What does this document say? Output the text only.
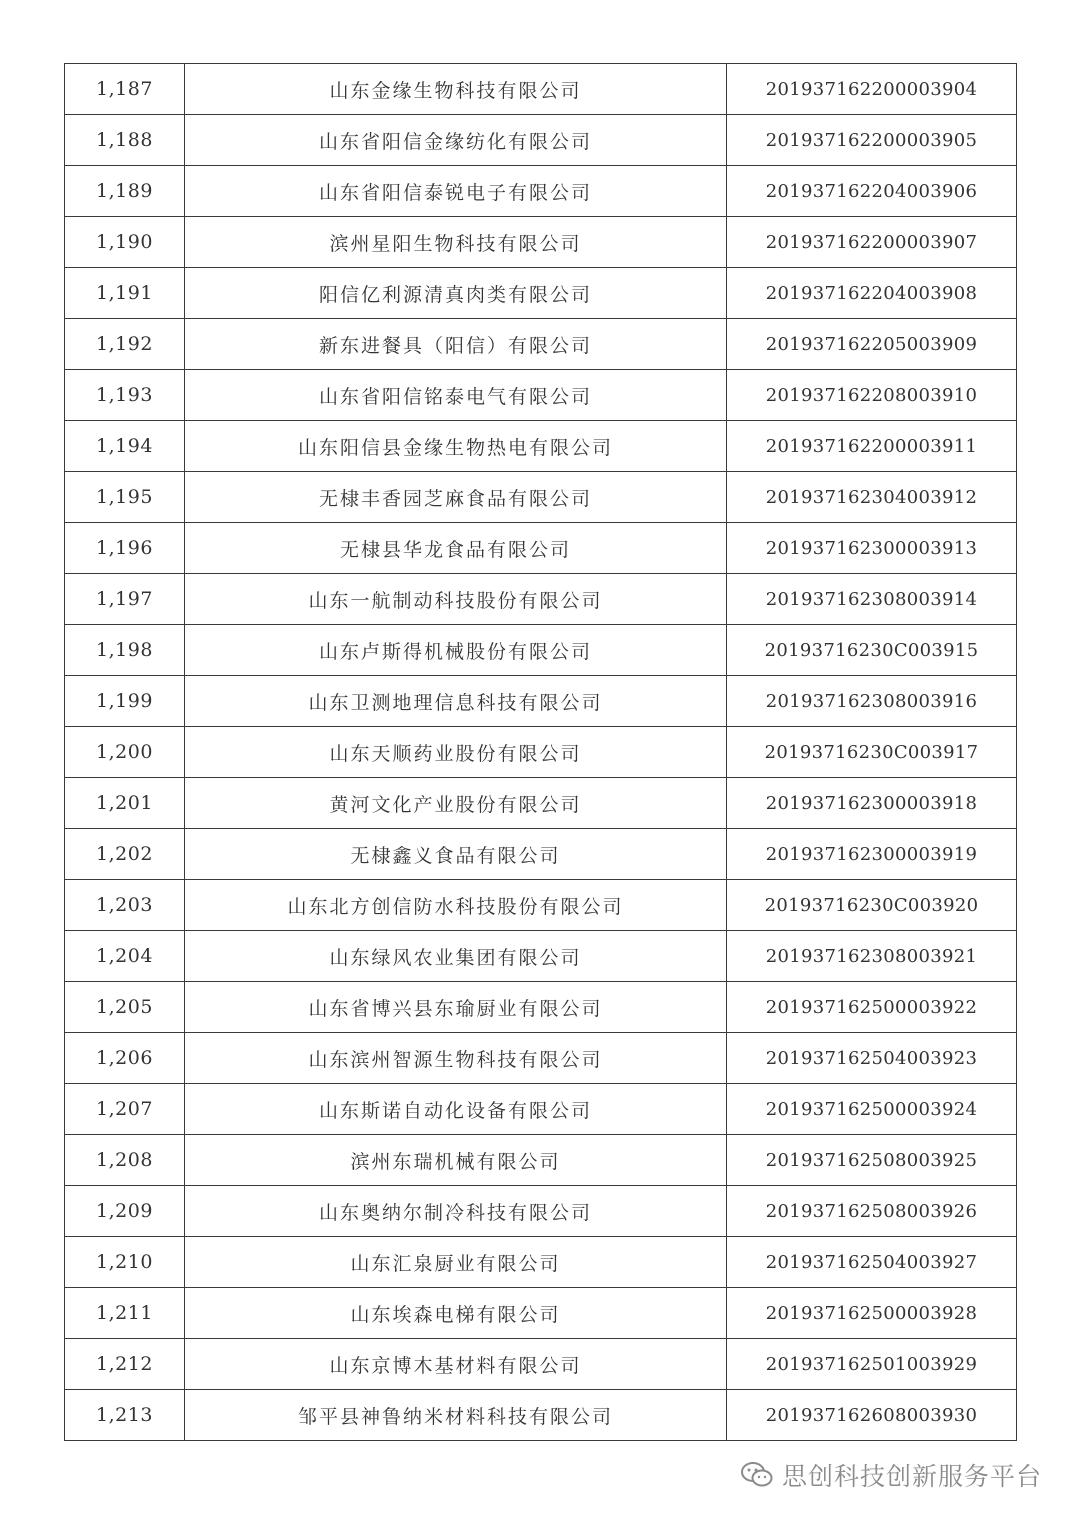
1,187	山东金缘生物科技有限公司	201937162200003904
1,188	山东省阳信金缘纺化有限公司	201937162200003905
1,189	山东省阳信泰锐电子有限公司	201937162204003906
1,190	滨州星阳生物科技有限公司	201937162200003907
1,191	阳信亿利源清真肉类有限公司	201937162204003908
1,192	新东进餐具（阳信）有限公司	201937162205003909
1,193	山东省阳信铭泰电气有限公司	201937162208003910
1,194	山东阳信县金缘生物热电有限公司	201937162200003911
1,195	无棣丰香园芝麻食品有限公司	201937162304003912
1,196	无棣县华龙食品有限公司	201937162300003913
1,197	山东一航制动科技股份有限公司	201937162308003914
1,198	山东卢斯得机械股份有限公司	20193716230C003915
1,199	山东卫测地理信息科技有限公司	201937162308003916
1,200	山东天顺药业股份有限公司	20193716230C003917
1,201	黄河文化产业股份有限公司	201937162300003918
1,202	无棣鑫义食品有限公司	201937162300003919
1,203	山东北方创信防水科技股份有限公司	20193716230C003920
1,204	山东绿风农业集团有限公司	201937162308003921
1,205	山东省博兴县东瑜厨业有限公司	201937162500003922
1,206	山东滨州智源生物科技有限公司	201937162504003923
1,207	山东斯诺自动化设备有限公司	201937162500003924
1,208	滨州东瑞机械有限公司	201937162508003925
1,209	山东奥纳尔制冷科技有限公司	201937162508003926
1,210	山东汇泉厨业有限公司	201937162504003927
1,211	山东埃森电梯有限公司	201937162500003928
1,212	山东京博木基材料有限公司	201937162501003929
1,213	邹平县神鲁纳米材料科技有限公司	201937162608003930
思创科技创新服务平台
